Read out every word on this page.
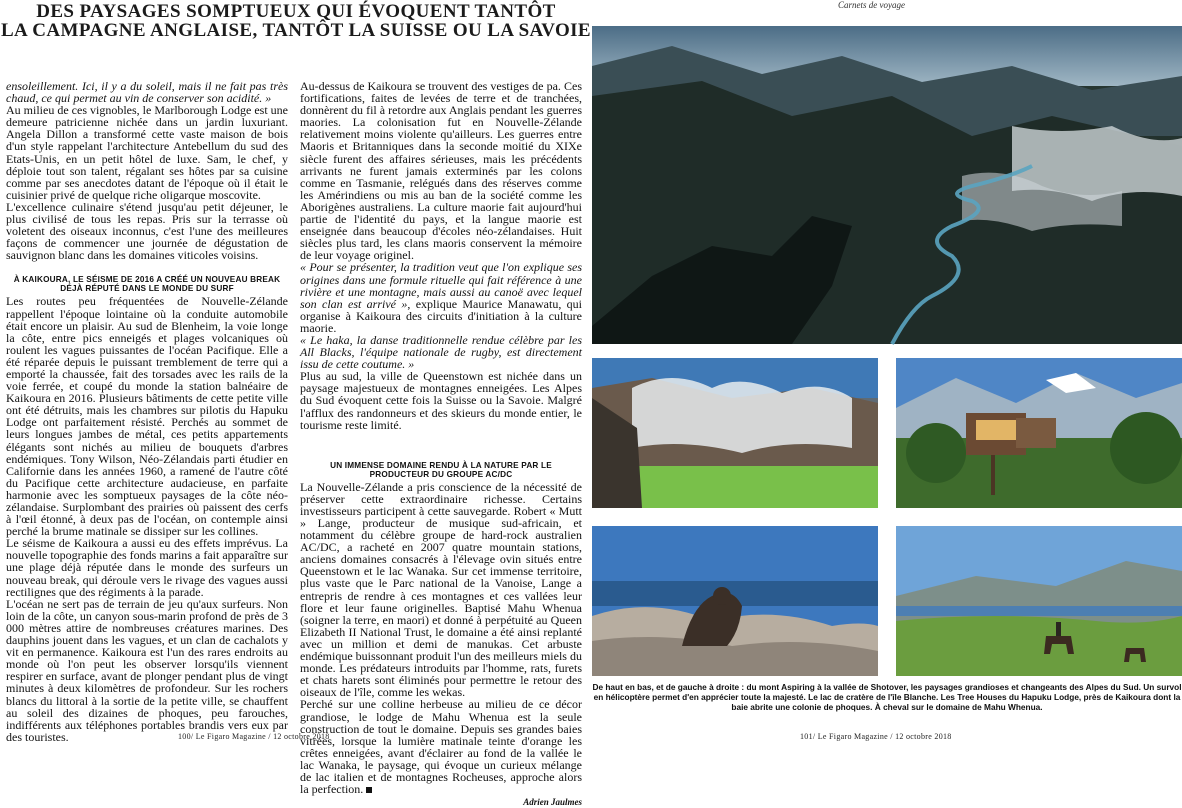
DES PAYSAGES SOMPTUEUX QUI ÉVOQUENT TANTÔT
LA CAMPAGNE ANGLAISE, TANTÔT LA SUISSE OU LA SAVOIE
Carnets de voyage

ensoleillement. Ici, il y a du soleil, mais il ne fait pas très chaud, ce qui permet au vin de conserver son acidité. »

Au milieu de ces vignobles, le Marlborough Lodge est une demeure patricienne nichée dans un jardin luxuriant. Angela Dillon a transformé cette vaste maison de bois d'un style rappelant l'architecture Antebellum du sud des Etats-Unis, en un petit hôtel de luxe. Sam, le chef, y déploie tout son talent, régalant ses hôtes par sa cuisine comme par ses anecdotes datant de l'époque où il était le cuisinier privé de quelque riche oligarque moscovite.

L'excellence culinaire s'étend jusqu'au petit déjeuner, le plus civilisé de tous les repas. Pris sur la terrasse où voletent des oiseaux inconnus, c'est l'une des meilleures façons de commencer une journée de dégustation de sauvignon blanc dans les domaines viticoles voisins.

À KAIKOURA, LE SÉISME DE 2016 A CRÉÉ UN NOUVEAU BREAK DÉJÀ RÉPUTÉ DANS LE MONDE DU SURF

Les routes peu fréquentées de Nouvelle-Zélande rappellent l'époque lointaine où la conduite automobile était encore un plaisir. Au sud de Blenheim, la voie longe la côte, entre pics enneigés et plages volcaniques où roulent les vagues puissantes de l'océan Pacifique. Elle a été réparée depuis le puissant tremblement de terre qui a emporté la chaussée, fait des torsades avec les rails de la voie ferrée, et coupé du monde la station balnéaire de Kaikoura en 2016. Plusieurs bâtiments de cette petite ville ont été détruits, mais les chambres sur pilotis du Hapuku Lodge ont parfaitement résisté. Perchés au sommet de leurs longues jambes de métal, ces petits appartements élégants sont nichés au milieu de bouquets d'arbres endémiques. Tony Wilson, Néo-Zélandais parti étudier en Californie dans les années 1960, a ramené de l'autre côté du Pacifique cette architecture audacieuse, en parfaite harmonie avec les somptueux paysages de la côte néo-zélandaise. Surplombant des prairies où paissent des cerfs à l'œil étonné, à deux pas de l'océan, on contemple ainsi perché la brume matinale se dissiper sur les collines.

Le séisme de Kaikoura a aussi eu des effets imprévus. La nouvelle topographie des fonds marins a fait apparaître sur une plage déjà réputée dans le monde des surfeurs un nouveau break, qui déroule vers le rivage des vagues aussi rectilignes que des régiments à la parade.

L'océan ne sert pas de terrain de jeu qu'aux surfeurs. Non loin de la côte, un canyon sous-marin profond de près de 3 000 mètres attire de nombreuses créatures marines. Des dauphins jouent dans les vagues, et un clan de cachalots y vit en permanence. Kaikoura est l'un des rares endroits au monde où l'on peut les observer lorsqu'ils viennent respirer en surface, avant de plonger pendant plus de vingt minutes à deux kilomètres de profondeur. Sur les rochers blancs du littoral à la sortie de la petite ville, se chauffent au soleil des dizaines de phoques, peu farouches, indifférents aux téléphones portables brandis vers eux par des touristes.

Au-dessus de Kaikoura se trouvent des vestiges de pa. Ces fortifications, faites de levées de terre et de tranchées, donnèrent du fil à retordre aux Anglais pendant les guerres maories. La colonisation fut en Nouvelle-Zélande relativement moins violente qu'ailleurs. Les guerres entre Maoris et Britanniques dans la seconde moitié du XIXe siècle furent des affaires sérieuses, mais les précédents arrivants ne furent jamais exterminés par les colons comme en Tasmanie, relégués dans des réserves comme les Amérindiens ou mis au ban de la société comme les Aborigènes australiens. La culture maorie fait aujourd'hui partie de l'identité du pays, et la langue maorie est enseignée dans beaucoup d'écoles néo-zélandaises. Huit siècles plus tard, les clans maoris conservent la mémoire de leur voyage originel.

« Pour se présenter, la tradition veut que l'on explique ses origines dans une formule rituelle qui fait référence à une rivière et une montagne, mais aussi au canoë avec lequel son clan est arrivé », explique Maurice Manawatu, qui organise à Kaikoura des circuits d'initiation à la culture maorie.

« Le haka, la danse traditionnelle rendue célèbre par les All Blacks, l'équipe nationale de rugby, est directement issu de cette coutume. »

Plus au sud, la ville de Queenstown est nichée dans un paysage majestueux de montagnes enneigées. Les Alpes du Sud évoquent cette fois la Suisse ou la Savoie. Malgré l'afflux des randonneurs et des skieurs du monde entier, le tourisme reste limité.

UN IMMENSE DOMAINE RENDU À LA NATURE PAR LE PRODUCTEUR DU GROUPE AC/DC

La Nouvelle-Zélande a pris conscience de la nécessité de préserver cette extraordinaire richesse. Certains investisseurs participent à cette sauvegarde. Robert « Mutt » Lange, producteur de musique sud-africain, et notamment du célèbre groupe de hard-rock australien AC/DC, a racheté en 2007 quatre mountain stations, anciens domaines consacrés à l'élevage ovin situés entre Queenstown et le lac Wanaka. Sur cet immense territoire, plus vaste que le Parc national de la Vanoise, Lange a entrepris de rendre à ces montagnes et ces vallées leur flore et leur faune originelles. Baptisé Mahu Whenua (soigner la terre, en maori) et donné à perpétuité au Queen Elizabeth II National Trust, le domaine a été ainsi replanté avec un million et demi de manukas. Cet arbuste endémique buissonnant produit l'un des meilleurs miels du monde. Les prédateurs introduits par l'homme, rats, furets et chats harets sont éliminés pour permettre le retour des oiseaux de l'île, comme les wekas.

Perché sur une colline herbeuse au milieu de ce décor grandiose, le lodge de Mahu Whenua est la seule construction de tout le domaine. Depuis ses grandes baies vitrées, lorsque la lumière matinale teinte d'orange les crêtes enneigées, avant d'éclairer au fond de la vallée le lac Wanaka, le paysage, qui évoque un curieux mélange de lac italien et de montagnes Rocheuses, approche alors la perfection.

Adrien Jaulmes
De haut en bas, et de gauche à droite : du mont Aspiring à la vallée de Shotover, les paysages grandioses et changeants des Alpes du Sud. Un survol en hélicoptère permet d'en apprécier toute la majesté. Le lac de cratère de l'île Blanche. Les Tree Houses du Hapuku Lodge, près de Kaikoura dont la baie abrite une colonie de phoques. À cheval sur le domaine de Mahu Whenua.
100/ Le Figaro Magazine / 12 octobre 2018	101/ Le Figaro Magazine / 12 octobre 2018
